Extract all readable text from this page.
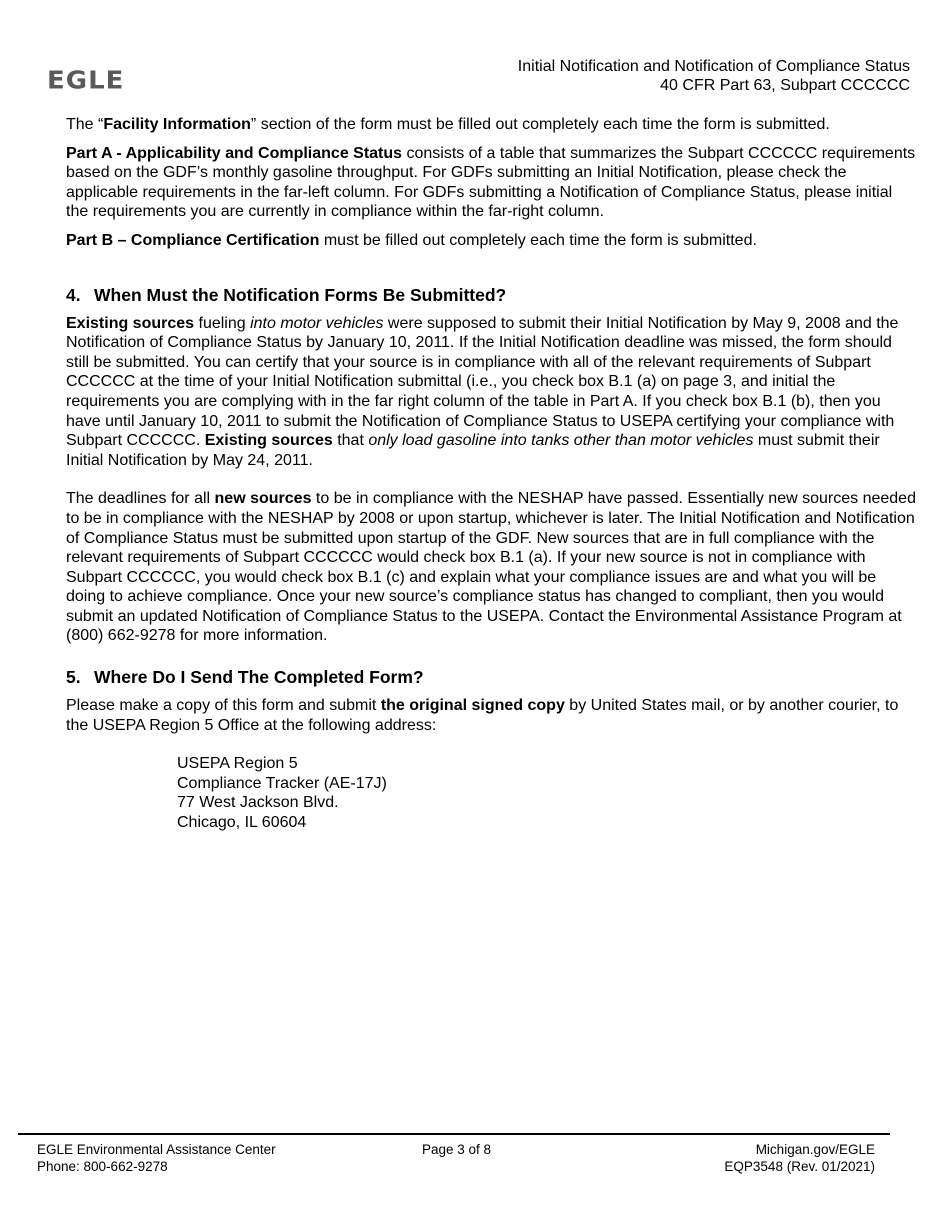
EGLE
Initial Notification and Notification of Compliance Status
40 CFR Part 63, Subpart CCCCCC

The “Facility Information” section of the form must be filled out completely each time the form is submitted.

Part A - Applicability and Compliance Status consists of a table that summarizes the Subpart CCCCCC requirements based on the GDF’s monthly gasoline throughput. For GDFs submitting an Initial Notification, please check the applicable requirements in the far-left column. For GDFs submitting a Notification of Compliance Status, please initial the requirements you are currently in compliance within the far-right column.

Part B – Compliance Certification must be filled out completely each time the form is submitted.

4. When Must the Notification Forms Be Submitted?

Existing sources fueling into motor vehicles were supposed to submit their Initial Notification by May 9, 2008 and the Notification of Compliance Status by January 10, 2011. If the Initial Notification deadline was missed, the form should still be submitted. You can certify that your source is in compliance with all of the relevant requirements of Subpart CCCCCC at the time of your Initial Notification submittal (i.e., you check box B.1 (a) on page 3, and initial the requirements you are complying with in the far right column of the table in Part A. If you check box B.1 (b), then you have until January 10, 2011 to submit the Notification of Compliance Status to USEPA certifying your compliance with Subpart CCCCCC. Existing sources that only load gasoline into tanks other than motor vehicles must submit their Initial Notification by May 24, 2011.

The deadlines for all new sources to be in compliance with the NESHAP have passed. Essentially new sources needed to be in compliance with the NESHAP by 2008 or upon startup, whichever is later. The Initial Notification and Notification of Compliance Status must be submitted upon startup of the GDF. New sources that are in full compliance with the relevant requirements of Subpart CCCCCC would check box B.1 (a). If your new source is not in compliance with Subpart CCCCCC, you would check box B.1 (c) and explain what your compliance issues are and what you will be doing to achieve compliance. Once your new source’s compliance status has changed to compliant, then you would submit an updated Notification of Compliance Status to the USEPA. Contact the Environmental Assistance Program at (800) 662-9278 for more information.

5. Where Do I Send The Completed Form?

Please make a copy of this form and submit the original signed copy by United States mail, or by another courier, to the USEPA Region 5 Office at the following address:

USEPA Region 5
Compliance Tracker (AE-17J)
77 West Jackson Blvd.
Chicago, IL 60604
EGLE Environmental Assistance Center
Phone: 800-662-9278
Page 3 of 8	Michigan.gov/EGLE
EQP3548 (Rev. 01/2021)
